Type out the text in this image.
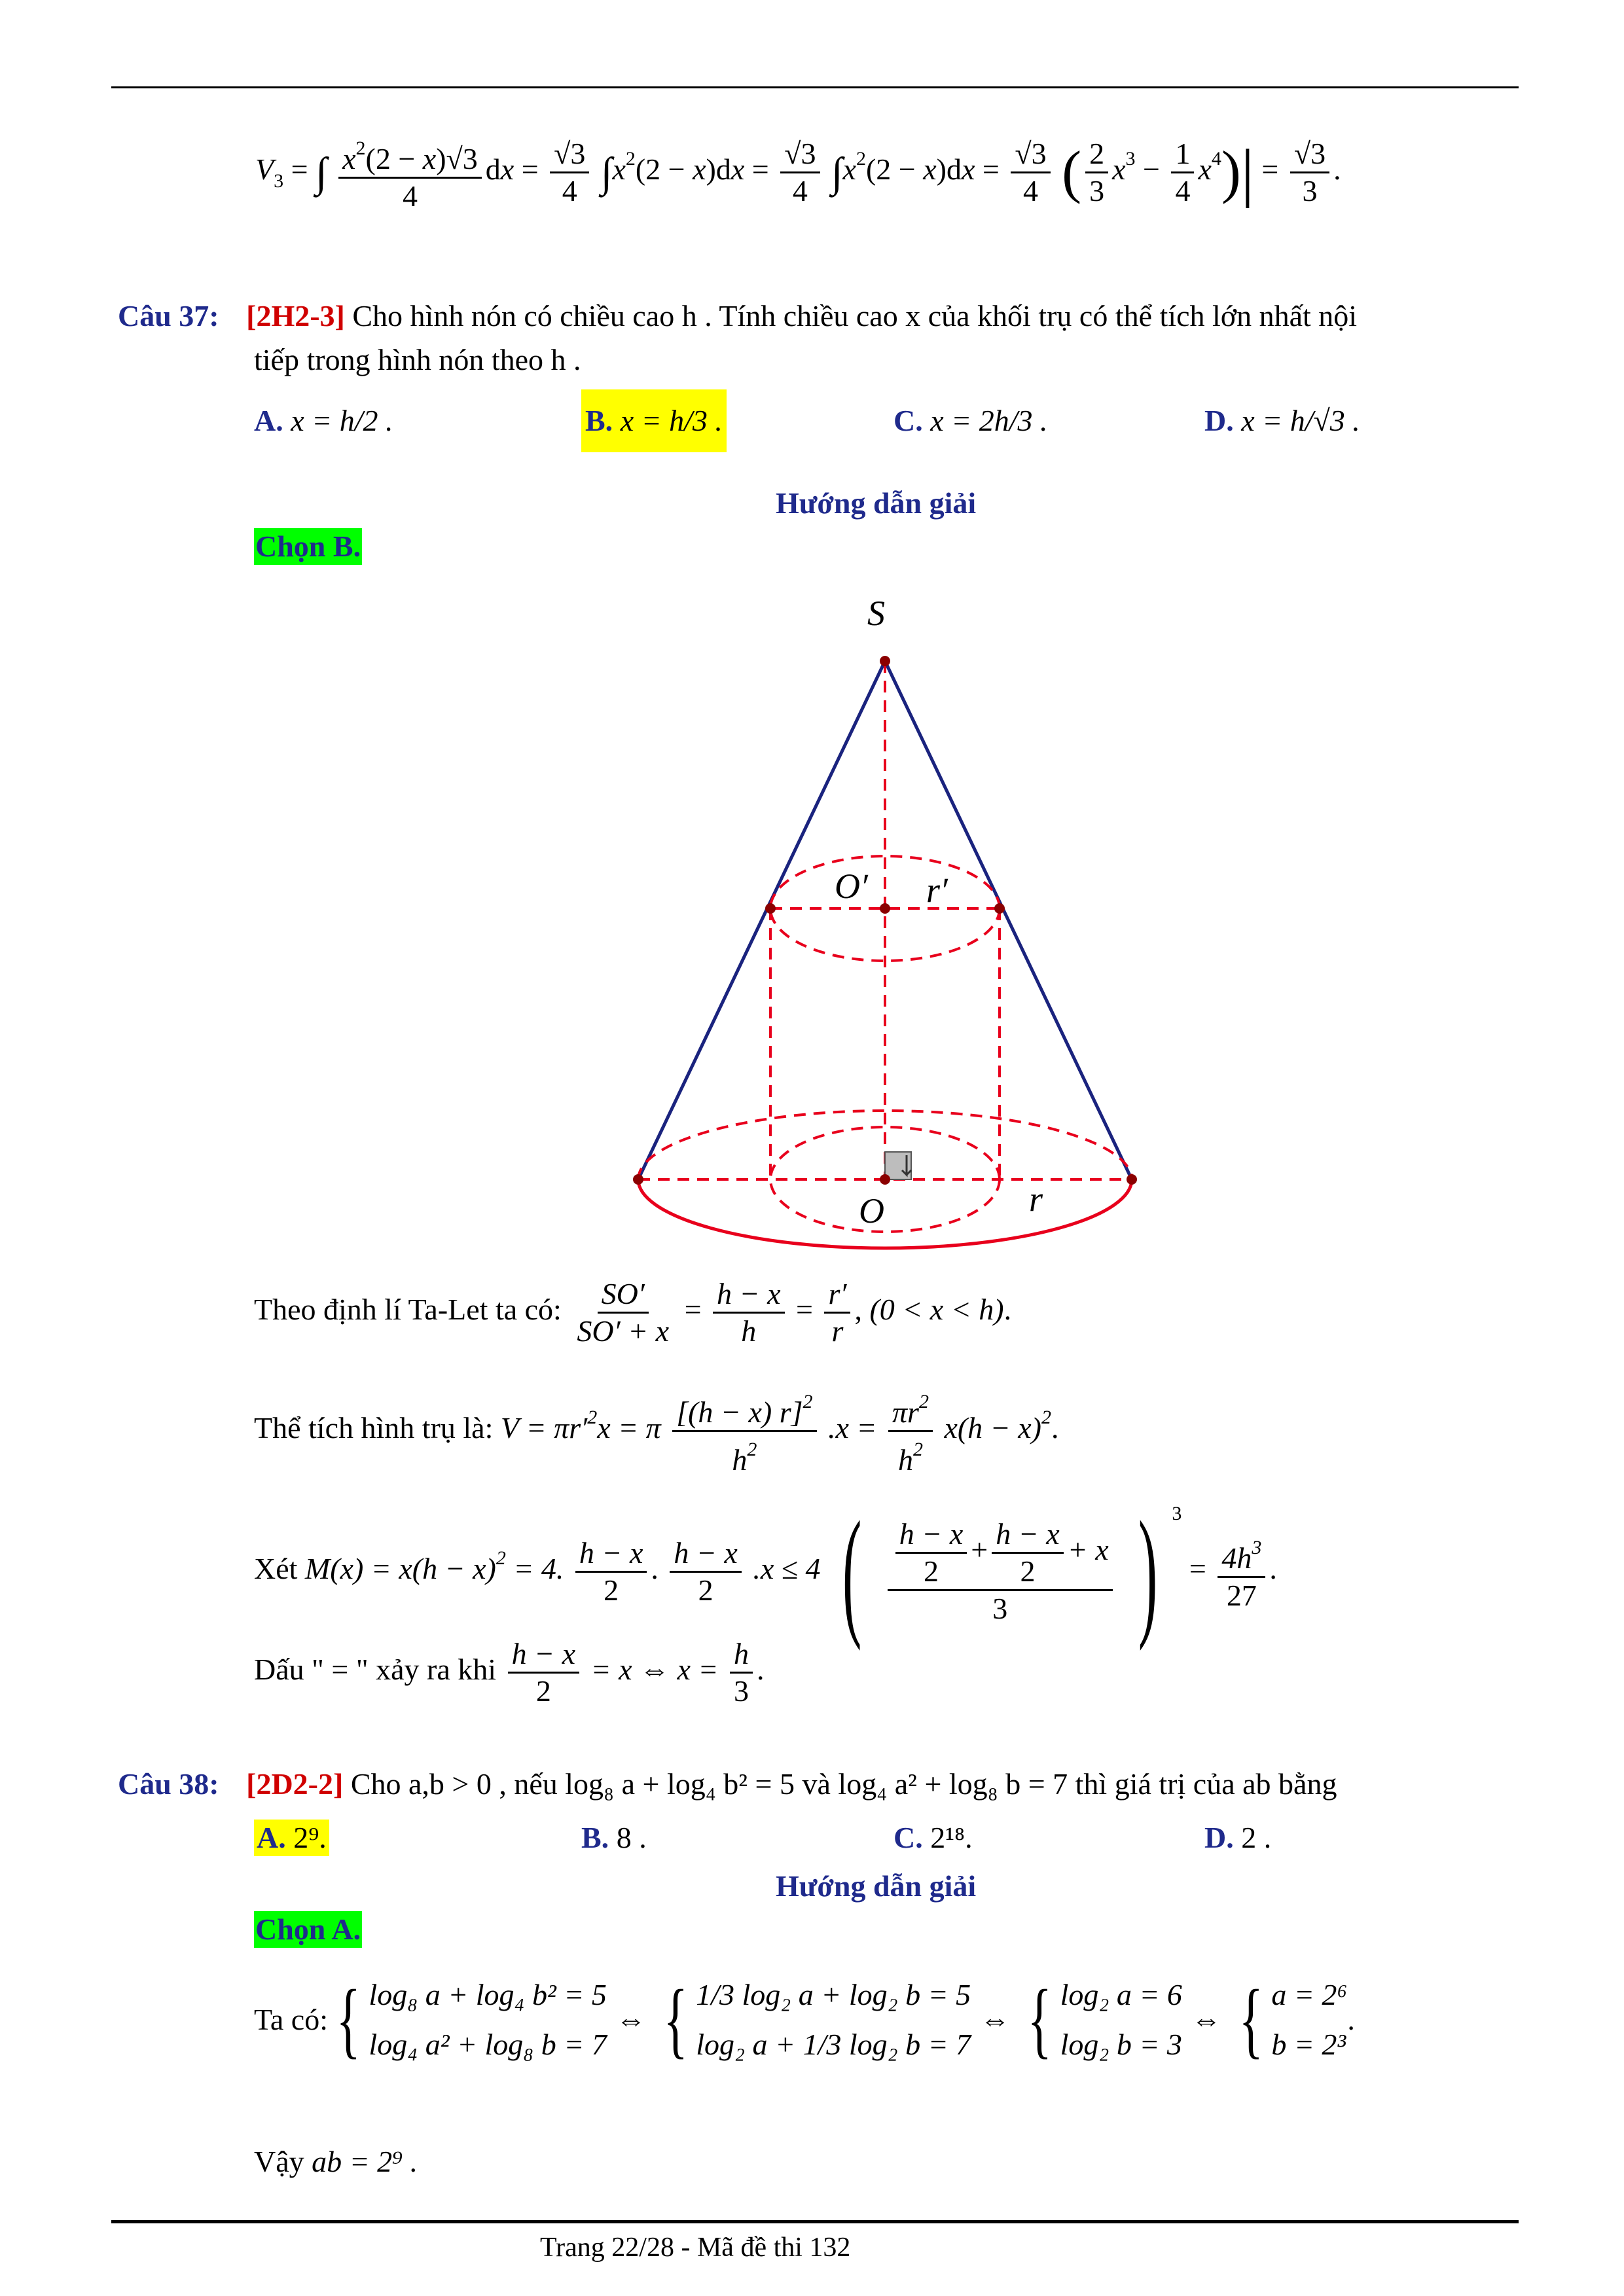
$V_3$ = ∫ $\frac{x^2(2 - x)√3}{4}$ dx = $\frac{√3}{4} \int x^2(2 - x)dx = \frac{√3}{4} \int x^2(2 - x)dx = \frac{√3}{4}$ ( $\frac{2}{3} x^3 - \frac{1}{4} x^4)| = \frac{√3}{3}$ .
Câu 37: [2H2-3] Cho hình nón có chiều cao h . Tính chiều cao x của khối trụ có thể tích lớn nhất nội
tiếp trong hình nón theo h .
A. x = h/2 .	B. x = h/3 .	C. x = 2h/3 .	D. x = h/√3 .
Hướng dẫn giải
Chọn B.
S
O′ r′
O	r
Theo định lí Ta-Let ta có: $\frac{SO'}{SO' + x} = \frac{h - x}{h} = \frac{r'}{r}$ , (0 < x < h).
Thể tích hình trụ là: $V = \pi r'^2x = \pi \frac{[(h - x) r]^2}{h^2} .x = \frac{\pi r^2}{h^2} x(h - x)^2$.
Xét $M(x) = x(h - x)^2 = 4$. $\frac{h - x}{2}$ . $\frac{h - x}{2} .x \le 4$ ( $\frac{\frac{h - x}{2} + \frac{h - x}{2} + x}{3}$ ) $^3 = \frac{4h^3}{27}$ .
Dấu " = " xảy ra khi $\frac{h - x}{2} = x$ ⇔ $x = \frac{h}{3}$ .
Câu 38: [2D2-2] Cho a,b > 0 , nếu log₈ a + log₄ b² = 5 và log₄ a² + log₈ b = 7 thì giá trị của ab bằng
A. 2⁹.	B. 8 .	C. 2¹⁸.	D. 2 .
Hướng dẫn giải
Chọn A.
Ta có: { log₈ a + log₄ b² = 5
log₄ a² + log₈ b = 7
⇔ { 1/3 log₂ a + log₂ b = 5
log₂ a + 1/3 log₂ b = 7
⇔ { log₂ a = 6
log₂ b = 3
⇔ { a = 2⁶
b = 2³
.
Vậy ab = 2⁹ .
Trang 22/28 - Mã đề thi 132
